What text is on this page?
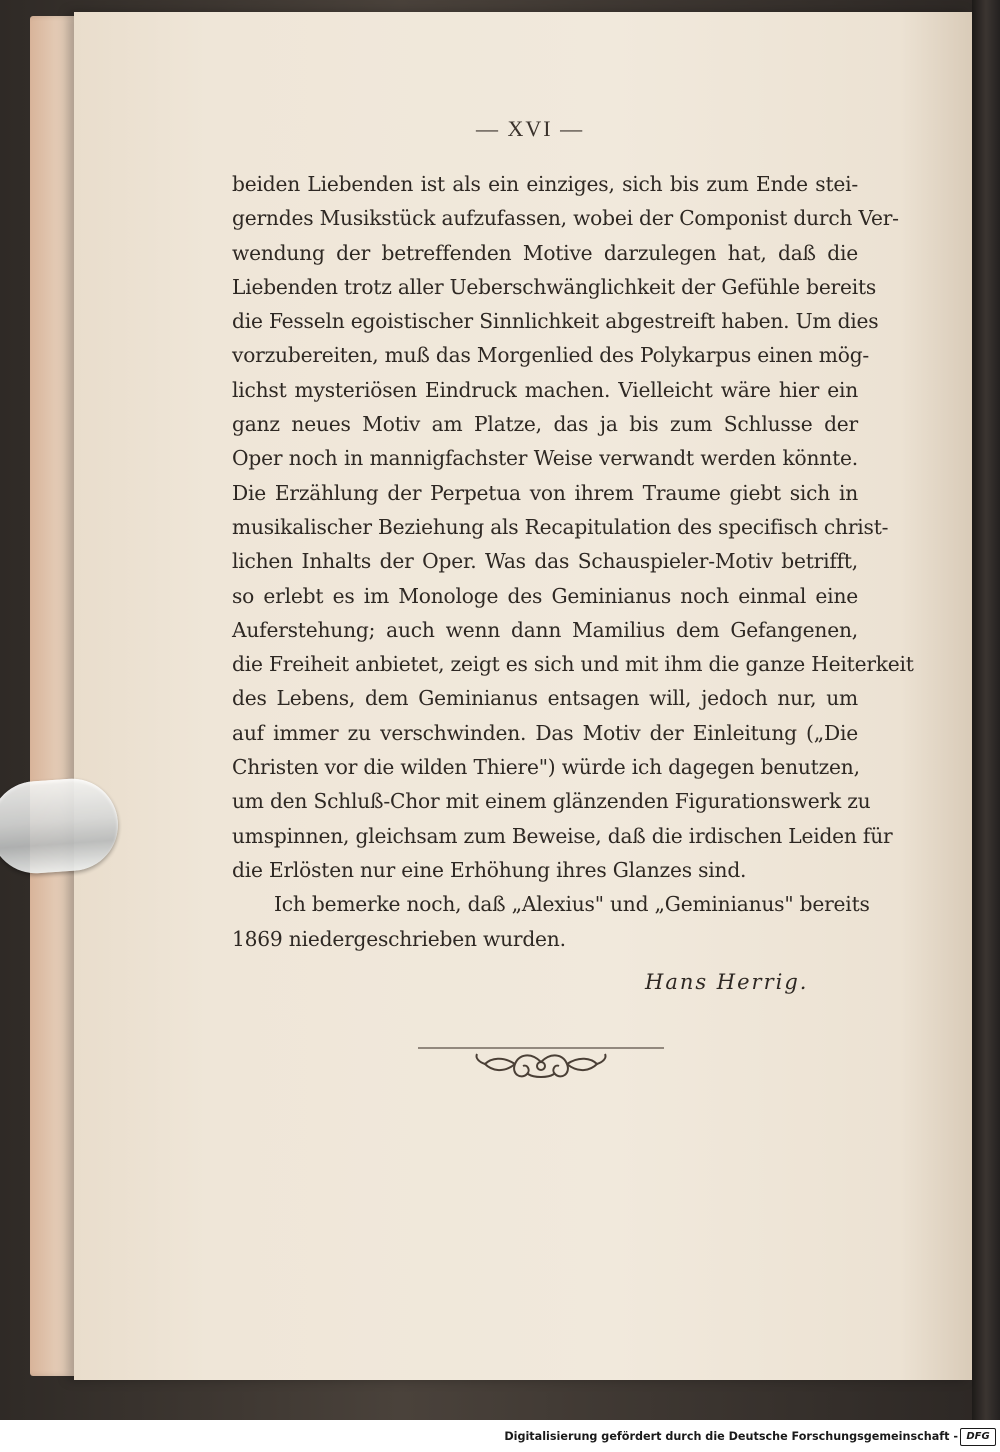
— XVI —
beiden Liebenden ist als ein einziges, sich bis zum Ende stei-
gerndes Musikstück aufzufassen, wobei der Componist durch Ver-
wendung der betreffenden Motive darzulegen hat, daß die
Liebenden trotz aller Ueberschwänglichkeit der Gefühle bereits
die Fesseln egoistischer Sinnlichkeit abgestreift haben. Um dies
vorzubereiten, muß das Morgenlied des Polykarpus einen mög-
lichst mysteriösen Eindruck machen. Vielleicht wäre hier ein
ganz neues Motiv am Platze, das ja bis zum Schlusse der
Oper noch in mannigfachster Weise verwandt werden könnte.
Die Erzählung der Perpetua von ihrem Traume giebt sich in
musikalischer Beziehung als Recapitulation des specifisch christ-
lichen Inhalts der Oper. Was das Schauspieler-Motiv betrifft,
so erlebt es im Monologe des Geminianus noch einmal eine
Auferstehung; auch wenn dann Mamilius dem Gefangenen,
die Freiheit anbietet, zeigt es sich und mit ihm die ganze Heiterkeit
des Lebens, dem Geminianus entsagen will, jedoch nur, um
auf immer zu verschwinden. Das Motiv der Einleitung („Die
Christen vor die wilden Thiere") würde ich dagegen benutzen,
um den Schluß-Chor mit einem glänzenden Figurationswerk zu
umspinnen, gleichsam zum Beweise, daß die irdischen Leiden für
die Erlösten nur eine Erhöhung ihres Glanzes sind.
Ich bemerke noch, daß „Alexius" und „Geminianus" bereits
1869 niedergeschrieben wurden.
Hans Herrig.
Digitalisierung gefördert durch die Deutsche Forschungsgemeinschaft - DFG
